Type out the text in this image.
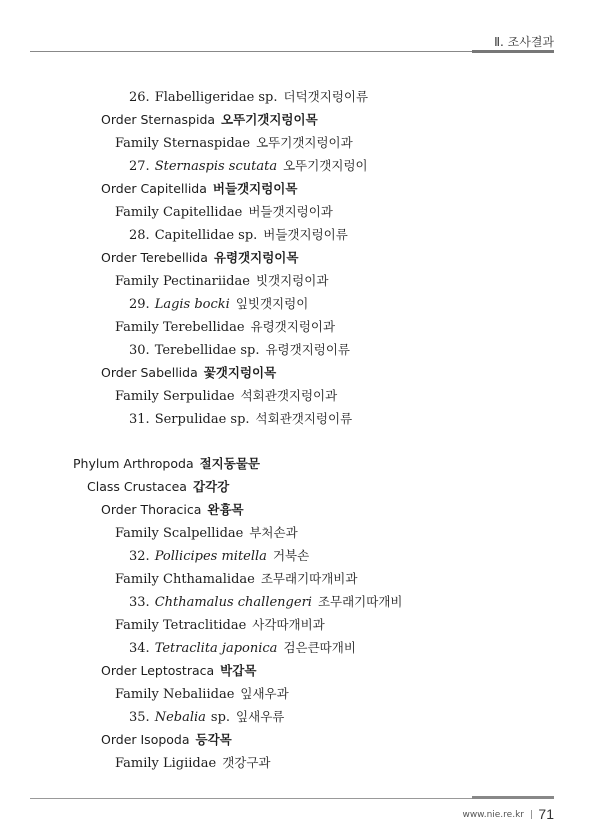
Ⅱ. 조사결과
26. Flabelligeridae sp. 더덕갯지렁이류
Order Sternaspida 오뚜기갯지렁이목
Family Sternaspidae 오뚜기갯지렁이과
27. Sternaspis scutata 오뚜기갯지렁이
Order Capitellida 버들갯지렁이목
Family Capitellidae 버들갯지렁이과
28. Capitellidae sp. 버들갯지렁이류
Order Terebellida 유령갯지렁이목
Family Pectinariidae 빗갯지렁이과
29. Lagis bocki 잎빗갯지렁이
Family Terebellidae 유령갯지렁이과
30. Terebellidae sp. 유령갯지렁이류
Order Sabellida 꽃갯지렁이목
Family Serpulidae 석회관갯지렁이과
31. Serpulidae sp. 석회관갯지렁이류
Phylum Arthropoda 절지동물문
Class Crustacea 갑각강
Order Thoracica 완흉목
Family Scalpellidae 부처손과
32. Pollicipes mitella 거북손
Family Chthamalidae 조무래기따개비과
33. Chthamalus challengeri 조무래기따개비
Family Tetraclitidae 사각따개비과
34. Tetraclita japonica 검은큰따개비
Order Leptostraca 박갑목
Family Nebaliidae 잎새우과
35. Nebalia sp. 잎새우류
Order Isopoda 등각목
Family Ligiidae 갯강구과
www.nie.re.kr | 71
